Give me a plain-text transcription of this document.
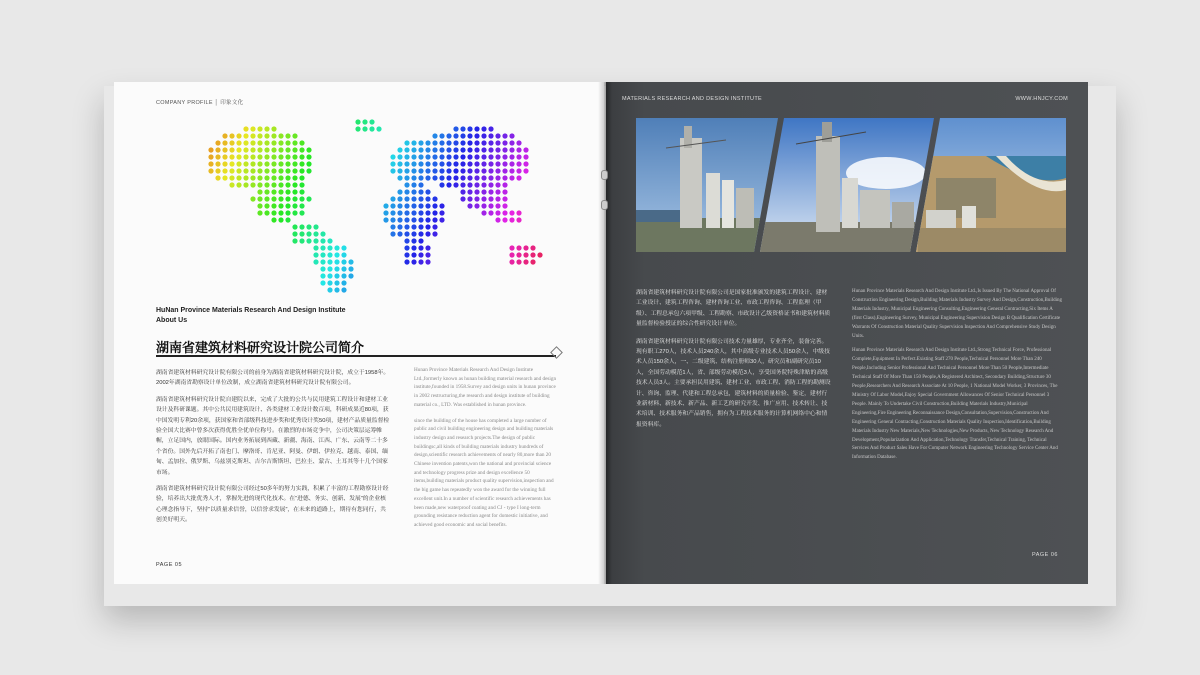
COMPANY PROFILE │ 印象文化
HuNan Province Materials Research And Design Institute
About Us
湖南省建筑材料研究设计院公司简介

湖南省建筑材料研究设计院有限公司的前身为湖南省建筑材料研究设计院，成立于1958年。2002年湖南省勘察设计单位改制，成立湖南省建筑材料研究设计院有限公司。

湖南省建筑材料研究设计院自建院以来，完成了大批的公共与民用建筑工程设计和建材工业设计及科研课题。其中公共民用建筑设计、各类建材工业设计数百项，科研成果近80项，获中国发明专利20余项，获国家和省部级科技进步奖和优秀设计奖50项，建材产品质量监督检验全国大比赛中曾多次获得优胜全优单位称号。在激烈的市场竞争中，公司决策层运筹帷幄，立足国内，放眼国际。国内业务拓展到西藏、新疆、海南、江西、广东、云南等二十多个省份。国外先后开拓了南也门、摩洛哥、肯尼亚、阿曼、伊朗、伊拉克、越南、泰国、缅甸、孟加拉、俄罗斯、乌兹别克斯坦、吉尔吉斯斯坦、巴拉圭、蒙古、土耳其等十几个国家市场。

湖南省建筑材料研究设计院有限公司经过50多年的努力实践，积累了丰富的工程勘察设计经验，培养出大批优秀人才，掌握先进的现代化技术。在“进德、务实、创新、发展”的企业核心理念指导下，坚持“以质量求信誉，以信誉求发展”，在未来的道路上，期待有您同行，共创美好明天。

Hunan Province Materials Research And Design Institute Ltd.,formerly known as hunan building material research and design institute,founded in 1958.Survey and design units in hunan province in 2002 restructuring,the research and design institute of building material co., LTD. Was established in hunan province.

since the building of the house has completed a large number of public and civil building engineering design and building materials industry design and research projects.The design of public buildingsc,all kinds of building materials industry hundreds of design,scientific research achievements of nearly 80,more than 20 Chinese invention patents,won the national and provincial science and technology progress prize and design excellence 50 items,building materials product quality supervision,inspection and the big game has repeatedly won the award for the winning full excellent unit.In a number of scientific research achievements has been made,new waterproof coating and CJ - type I long-term grounding resistance reduction agent for domestic initiative, and achieved good economic and social benefits.

PAGE 05
MATERIALS RESEARCH AND DESIGN INSTITUTE	WWW.HNJCY.COM

湖南省建筑材料研究设计院有限公司是国家批准颁发的建筑工程设计、建材工业设计、建筑工程咨询、建材咨询工业、市政工程咨询、工程监理（甲级）、工程总承包六项甲级、工程勘察、市政设计乙级资格证书和建筑材料质量监督检验授证的综合性研究设计单位。

湖南省建筑材料研究设计院有限公司技术力量雄厚，专业齐全，装备完善。现有职工270人，技术人员240余人，其中高级专业技术人员50余人，中级技术人员150余人，一、二级建筑、结构注册师30人，研究员和副研究员10人，全国劳动模范1人，省、部级劳动模范3人，享受国务院特殊津贴的高级技术人员3人。主要承担民用建筑、建材工业、市政工程、消防工程的勘测设计、咨询、监理、代建和工程总承包，建筑材料的质量检验、鉴定，建材行业新材料、新技术、新产品、新工艺的研究开发、推广应用、技术转让、技术培训、技术服务和产品销售，拥有为工程技术服务的计算机网络中心和情报资料库。

Hunan Province Materials Research And Design Institute Ltd.,Is Issued By The National Approval Of Construction Engineering Design,Building Materials Industry Survey And Design,Construction,Building Materials Industry, Municipal Engineering Consulting,Engineering General Contracting,Six Items A (first Class),Engineering Survey, Municipal Engineering Supervision Design B Qualification Certificate Warrants Of Construction Material Quality Supervision Inspection And Comprehensive Study Design Units.

Hunan Province Materials Research And Design Institute Ltd.,Strong Technical Force, Professional Complete,Equipment In Perfect.Existing Staff 270 People,Technical Personnel More Than 240 People,Including Senior Professional And Technical Personnel More Than 50 People,Intermediate Technical Staff Of More Than 150 People,A Registered Architect, Secondary Building,Structure 30 People,Researchers And Research Associate At 10 People, 1 National Model Worker, 3 Provinces, The Ministry Of Labor Model,Enjoy Special Government Allowances Of Senior Technical Personnel 3 People. Mainly To Undertake Civil Construction,Building Materials Industry,Municipal Engineering,Fire Engineering Reconnaissance Design,Consultation,Supervision,Construction And Engineering General Contracting,Construction Materials Quality Inspection,Identification,Building Materials Industry New Materials,New Technologies,New Products, New Technology Research And Development,Popularization And Application,Technology Transfer,Technical Training, Technical Services And Product Sales Have For Computer Network Engineering Technology Service Center And Information Database.

PAGE 06
